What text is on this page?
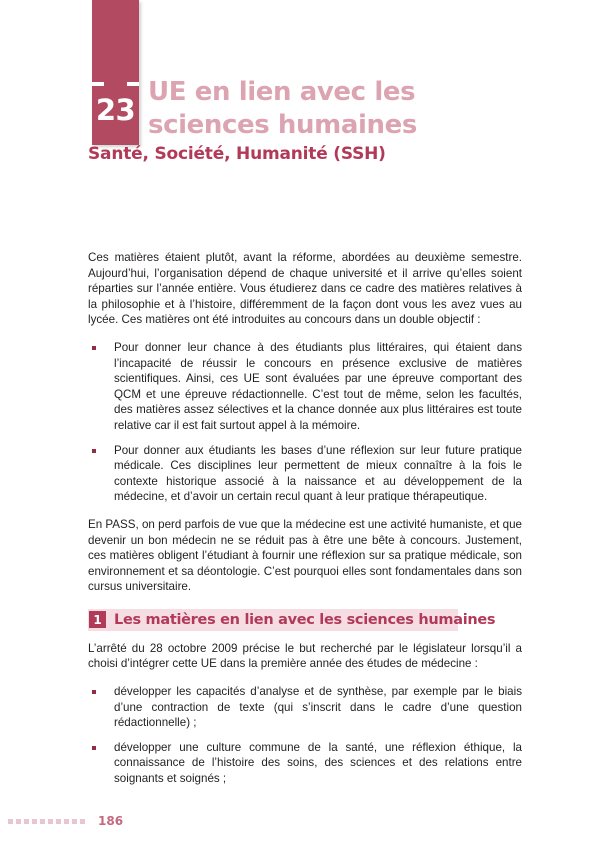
23
UE en lien avec les sciences humaines
Santé, Société, Humanité (SSH)

Ces matières étaient plutôt, avant la réforme, abordées au deuxième semestre. Aujourd’hui, l’organisation dépend de chaque université et il arrive qu’elles soient réparties sur l’année entière. Vous étudierez dans ce cadre des matières relatives à la philosophie et à l’histoire, différemment de la façon dont vous les avez vues au lycée. Ces matières ont été introduites au concours dans un double objectif :

Pour donner leur chance à des étudiants plus littéraires, qui étaient dans l’incapacité de réussir le concours en présence exclusive de matières scientifiques. Ainsi, ces UE sont évaluées par une épreuve comportant des QCM et une épreuve rédactionnelle. C’est tout de même, selon les facultés, des matières assez sélectives et la chance donnée aux plus littéraires est toute relative car il est fait surtout appel à la mémoire.
Pour donner aux étudiants les bases d’une réflexion sur leur future pratique médicale. Ces disciplines leur permettent de mieux connaître à la fois le contexte historique associé à la naissance et au développement de la médecine, et d’avoir un certain recul quant à leur pratique thérapeutique.

En PASS, on perd parfois de vue que la médecine est une activité humaniste, et que devenir un bon médecin ne se réduit pas à être une bête à concours. Justement, ces matières obligent l’étudiant à fournir une réflexion sur sa pratique médicale, son environnement et sa déontologie. C’est pourquoi elles sont fondamentales dans son cursus universitaire.

1 Les matières en lien avec les sciences humaines

L’arrêté du 28 octobre 2009 précise le but recherché par le législateur lorsqu’il a choisi d’intégrer cette UE dans la première année des études de médecine :

développer les capacités d’analyse et de synthèse, par exemple par le biais d’une contraction de texte (qui s’inscrit dans le cadre d’une question rédactionnelle) ;
développer une culture commune de la santé, une réflexion éthique, la connaissance de l’histoire des soins, des sciences et des relations entre soignants et soignés ;
186
